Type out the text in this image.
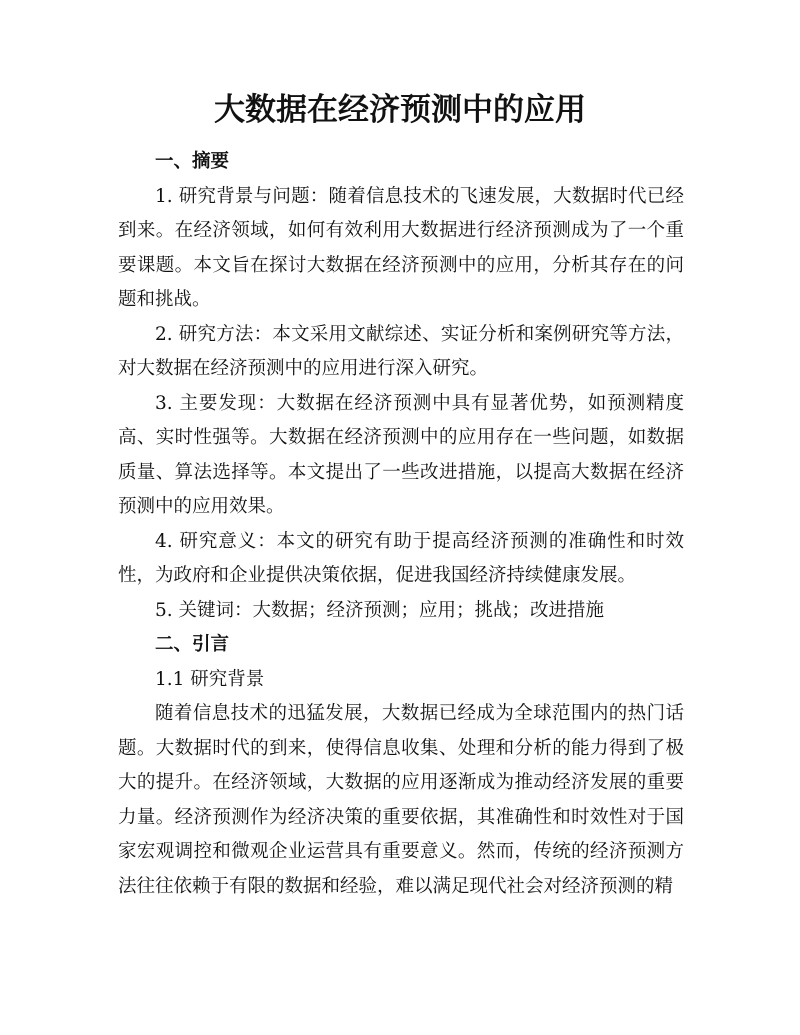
大数据在经济预测中的应用

一、摘要

1. 研究背景与问题：随着信息技术的飞速发展，大数据时代已经到来。在经济领域，如何有效利用大数据进行经济预测成为了一个重要课题。本文旨在探讨大数据在经济预测中的应用，分析其存在的问题和挑战。

2. 研究方法：本文采用文献综述、实证分析和案例研究等方法，对大数据在经济预测中的应用进行深入研究。

3. 主要发现：大数据在经济预测中具有显著优势，如预测精度高、实时性强等。大数据在经济预测中的应用存在一些问题，如数据质量、算法选择等。本文提出了一些改进措施，以提高大数据在经济预测中的应用效果。

4. 研究意义：本文的研究有助于提高经济预测的准确性和时效性，为政府和企业提供决策依据，促进我国经济持续健康发展。

5. 关键词：大数据；经济预测；应用；挑战；改进措施

二、引言

1.1 研究背景

随着信息技术的迅猛发展，大数据已经成为全球范围内的热门话题。大数据时代的到来，使得信息收集、处理和分析的能力得到了极大的提升。在经济领域，大数据的应用逐渐成为推动经济发展的重要力量。经济预测作为经济决策的重要依据，其准确性和时效性对于国家宏观调控和微观企业运营具有重要意义。然而，传统的经济预测方法往往依赖于有限的数据和经验，难以满足现代社会对经济预测的精
